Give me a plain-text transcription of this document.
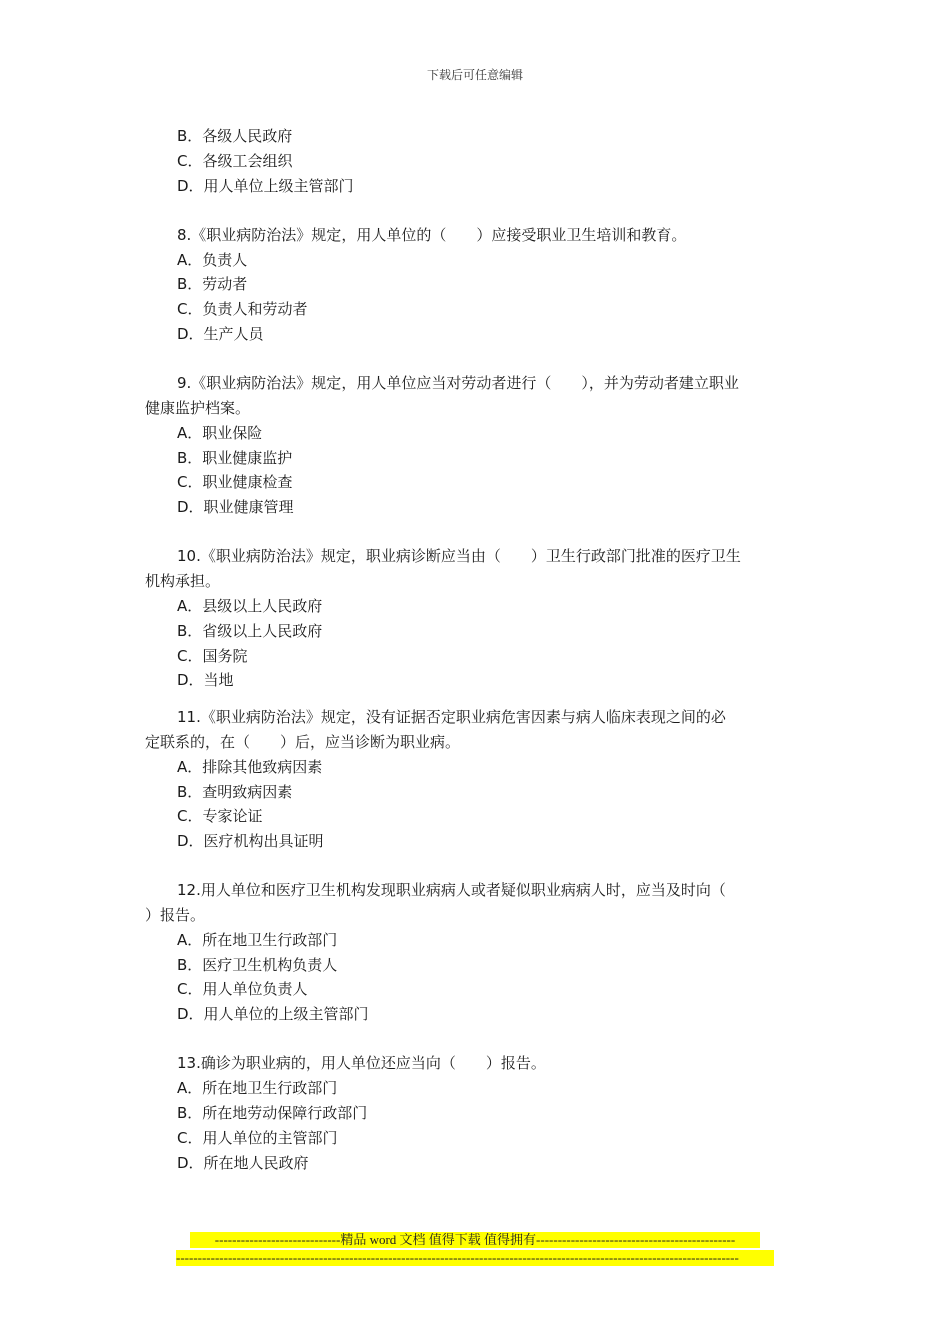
下载后可任意编辑
B．各级人民政府
C．各级工会组织
D．用人单位上级主管部门
8.《职业病防治法》规定，用人单位的（　　）应接受职业卫生培训和教育。
A．负责人
B．劳动者
C．负责人和劳动者
D．生产人员
9.《职业病防治法》规定，用人单位应当对劳动者进行（　　），并为劳动者建立职业
健康监护档案。
A．职业保险
B．职业健康监护
C．职业健康检查
D．职业健康管理
10.《职业病防治法》规定，职业病诊断应当由（　　）卫生行政部门批准的医疗卫生
机构承担。
A．县级以上人民政府
B．省级以上人民政府
C．国务院
D．当地
11.《职业病防治法》规定，没有证据否定职业病危害因素与病人临床表现之间的必
定联系的，在（　　）后，应当诊断为职业病。
A．排除其他致病因素
B．查明致病因素
C．专家论证
D．医疗机构出具证明
12.用人单位和医疗卫生机构发现职业病病人或者疑似职业病病人时，应当及时向（
）报告。
A．所在地卫生行政部门
B．医疗卫生机构负责人
C．用人单位负责人
D．用人单位的上级主管部门
13.确诊为职业病的，用人单位还应当向（　　）报告。
A．所在地卫生行政部门
B．所在地劳动保障行政部门
C．用人单位的主管部门
D．所在地人民政府
-----------------------------精品 word 文档 值得下载 值得拥有----------------------------------------------
----------------------------------------------------------------------------------------------------------------------------------
